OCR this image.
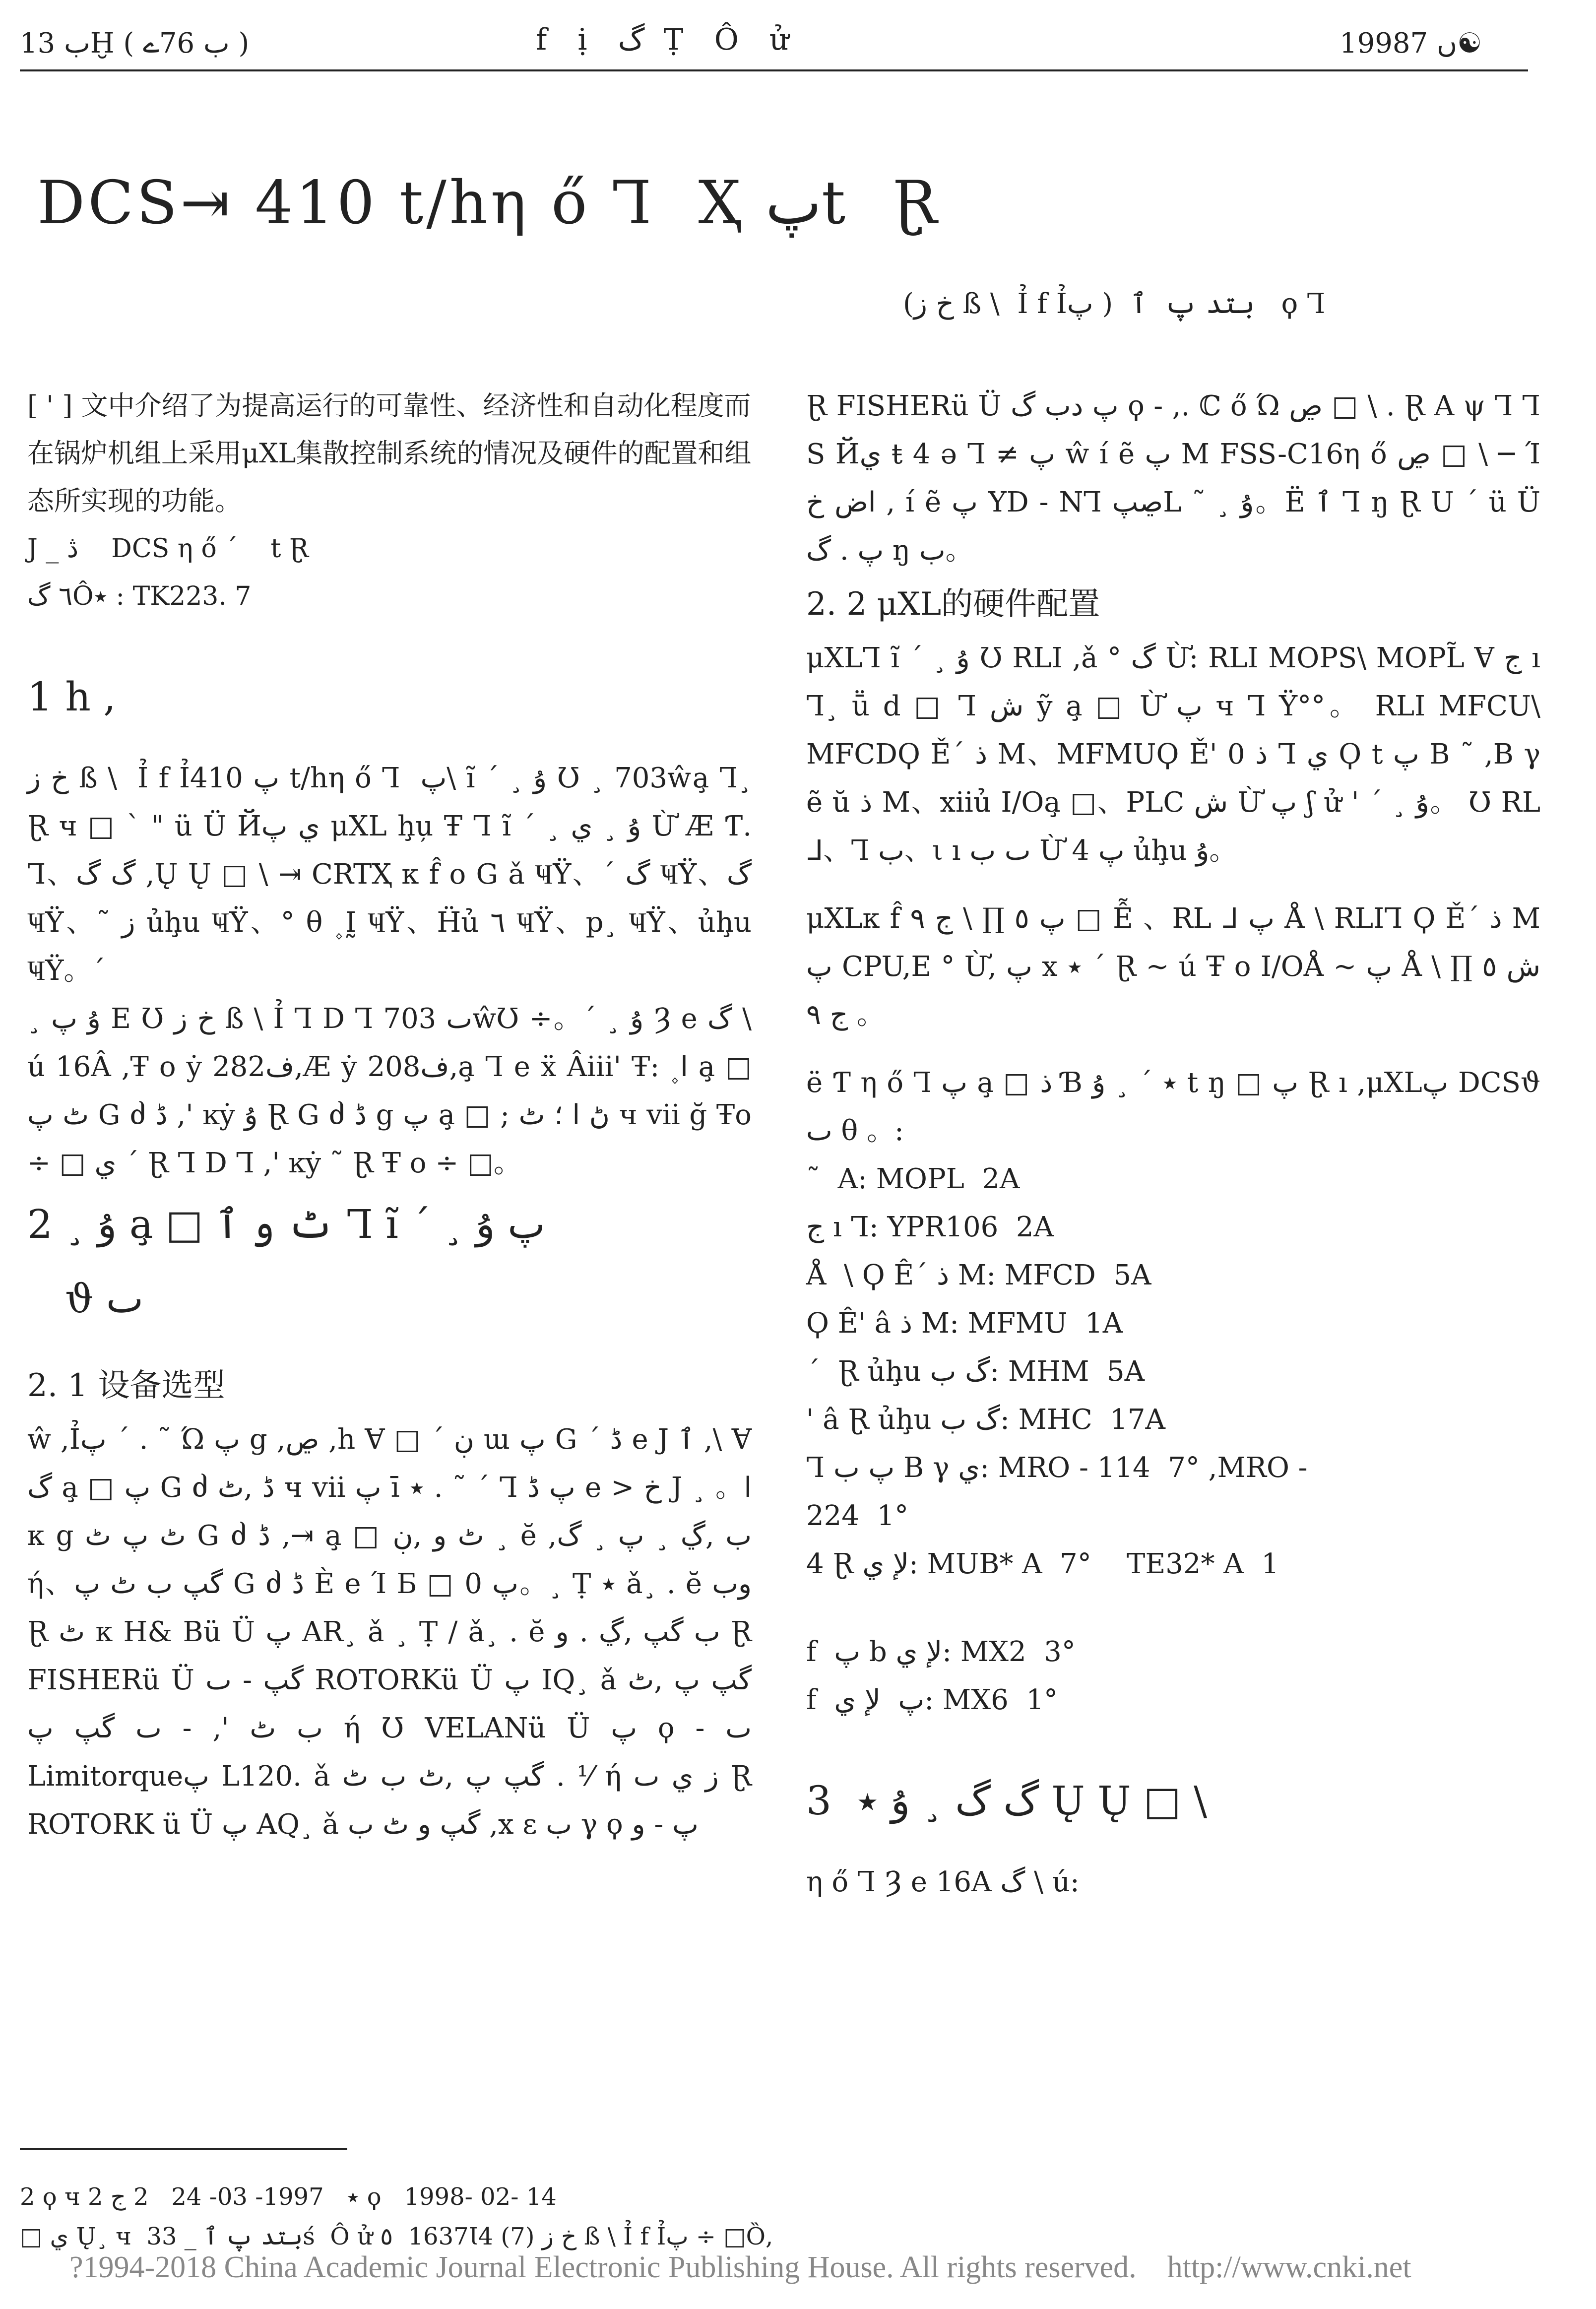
ب 13Ḫ ( ب 76ے )	f  ị  گ  Ṭ  Ô  ử	1998ں 7☯
DCS⇥ 410 t/hη ő Ꞁ  Ҳ پt  Ɽ
(خ ز ß \  Ỉ f Ỉپ )  بتد پ  ٱ   ϙ Ꞁ

[ ' ] 文中介绍了为提高运行的可靠性、经济性和自动化程度而在锅炉机组上采用μXL集散控制系统的情况及硬件的配置和组态所实现的功能。

J _ ڎ    DCS η ő ´    t Ɽ

٦ گÔ٭ : TK223. 7

1 h ,

خ ز ß \  Ỉ f Ỉپ 410 t/hη ő Ꞁ  پ\ ĩ ´ ¸ ۇ Ʊ ¸ 703ŵa̧ Ꞁ¸ Ɽ ч □ ` " ü Ü Йي پ μXL ḩu̦ Ŧ Ꞁ ĩ ´ ¸ ۇ ¸ ي Ừ Æ Ƭ. Ꞁ、گ گ ,Ų Ų □ \ ⇥ CRTҲ κ f̂ o G ǎ ҸŸ、´ گ ҸŸ、گ ҸŸ、˜ ز ủḩu ҸŸ、° θ ۪ Ḭ ҸŸ、Ḧủ ٦ ҸŸ、p¸ ҸŸ、ủḩu ҸŸ。´

¸ ۇ پ E Ʊ خ ز ß \ Ỉ Ꞁ D Ꞁ ٮ 703ŵƱ ÷。´ ¸ ۇ Ȝ e گ \ ú 16Â ,Ŧ o ẏ 282ف,Æ ẏ 208ف,a̧ Ꞁ e ẍ Âiii' Ŧ: ۪ ا a̧ □ ٹ پ G ძ ڈ ,' ĸẏ ۇ Ɽ G ძ ڈ g پ a̧ □ ; ڻ ا ؛ ٹ ч vii ğ Ŧo ÷ □ ي ´ Ɽ Ꞁ D Ꞁ ,' ĸẏ ˜ Ɽ Ŧ o ÷ □。

2 ¸ ۇ a̧ □ ٹ و ٱ Ꞁ ĩ ´ ¸ پ ۇ
ϑ ٮ

2. 1 设备选型

ŵ ,Ỉپ ´ . ˜ Ώ پ g ,ڝ ,h Ɐ □ ´ ڹ ɯ پ G ´ ڈ e J ٱ ,\ Ɐ گ a̧ □ پ G ძ ڈ ,ٹ ч vii پ ī ٭ . ˜ ´ Ꞁ پ ڈ e > خ J ¸ 。ا κ g ٹ پ ٹ G ძ ڈ ,⇥ a̧ □ ٹ و ,ڹ ¸ ĕ ,ب ,ڲ ¸ پ ¸ گ ή、گپ ب ٹ پ G ძ ڈ È e Ί Б □ پ 0。¸ Ṭ ٭ ǎ¸ . ĕ وب Ɽ ٹ κ H& Bü Ü پ AR¸ ǎ ¸ Ṭ / ǎ¸ . ĕ ب گپ ,ڲ . و Ɽ FISHERü Ü گپ - ٮ ROTORKü Ü پ IQ¸ ǎ گپ پ ,ٹ ب ٹ ', - ٮ گپ پ ή Ʊ VELANü Ü پ ϙ - ٮ Limitorqueپ L120. ǎ گپ پ ,ٹ ب ٹ . ⅟ ή ز ي ٮ Ɽ ROTORK ü Ü پ AQ¸ ǎ گپ و ٹ ب ,x ɛ ب γ ϙ پ - و

Ɽ FISHERü Ü پ دب گ ϙ - ,. ℂ ő Ώ ڝ □ \ . Ɽ A ψ Ꞁ Ꞁ S Йي ŧ 4 ə Ꞁ ≠ پ ŵ í ẽ پ M FSS-C16η ő ڝ □ \ ─ Ί اض خ , í ẽ پ YD - NꞀ ڝپL ˜ ¸ ۇ。Ë ٱ Ꞁ ŋ Ɽ U ´ ü Ü پ . گ ŋ ب。

2. 2 μXL的硬件配置

μXLꞀ ĩ ´ ¸ ۇ Ʊ RLI ,ǎ ° گ Ừ: RLI MOPS\ MOPL̃ Ɐ ج ı Ꞁ¸ ṻ d □ Ꞁ ش ỹ a̧ □ Ừ پ ч Ꞁ Ÿ°°。 RLI MFCU\ MFCDϘ Ě´ ذ M、MFMUϘ Ě' 0 ذ Ꞁ ي Ϙ t پ B ˜ ,B γ ẽ ŭ ذ M、xiiủ I/Oa̧ □、PLC ش Ừ پ ʃ ử ' ´ ¸ ۇ。 Ʊ RL ᒧ、Ꞁ ب、ι ı ٮ ب Ừ پ 4 ủḩu ۇ。

μXLκ f̂ پ ٥ ∏ \ ج ٩ □ Ễ 、RL ᒧ پ Å \ RLIꞀ Ϙ Ě´ ذ M پ CPU,E ° Ừ, پ x ٭ ´ Ɽ ~ ú Ŧ o I/OÅ ~ پ Å \ ش ٥ ∏ ج ٩ 。

ë Ƭ η ő Ꞁ پ a̧ □ ذ Ɓ ٭ ´ ¸ ۇ t ŋ □ پ Ɽ ı ,μXLپ DCSϑ ٮ θ 。:

˜  A: MOPL  2A

ج ı Ꞁ: YPR106  2A

Å  \ Ϙ Ê´ ذ M: MFCD  5A

Ϙ Ê' â ذ M: MFMU  1A

´  Ɽ ủḩu گ ب: MHM  5A

' â Ɽ ủḩu گ ب: MHC  17A

Ꞁ پ ب B γ ي: MRO - 114  7° ,MRO -

224  1°

4 Ɽ لإ ي: MUB* A  7°    TE32* A  1

f  پ b لإ ي: MX2  3°

f  پ  لإ ي: MX6  1°

3  گ گ ¸ ۇ ٭ Ų Ų □ \

η ő Ꞁ Ȝ e 16A گ \ ú:

2 ϙ ч ٭   1997- 03- 24   2 ج 2 ϙ   1998- 02- 14
□ ي Ų¸ ч  بتد پ ٱ _ 33ś  Ô ử ٥  1637Ɩ4 خ ز (7) ß \ Ỉ f Ỉپ ÷ □Ȍ,
?1994-2018 China Academic Journal Electronic Publishing House. All rights reserved.    http://www.cnki.net
